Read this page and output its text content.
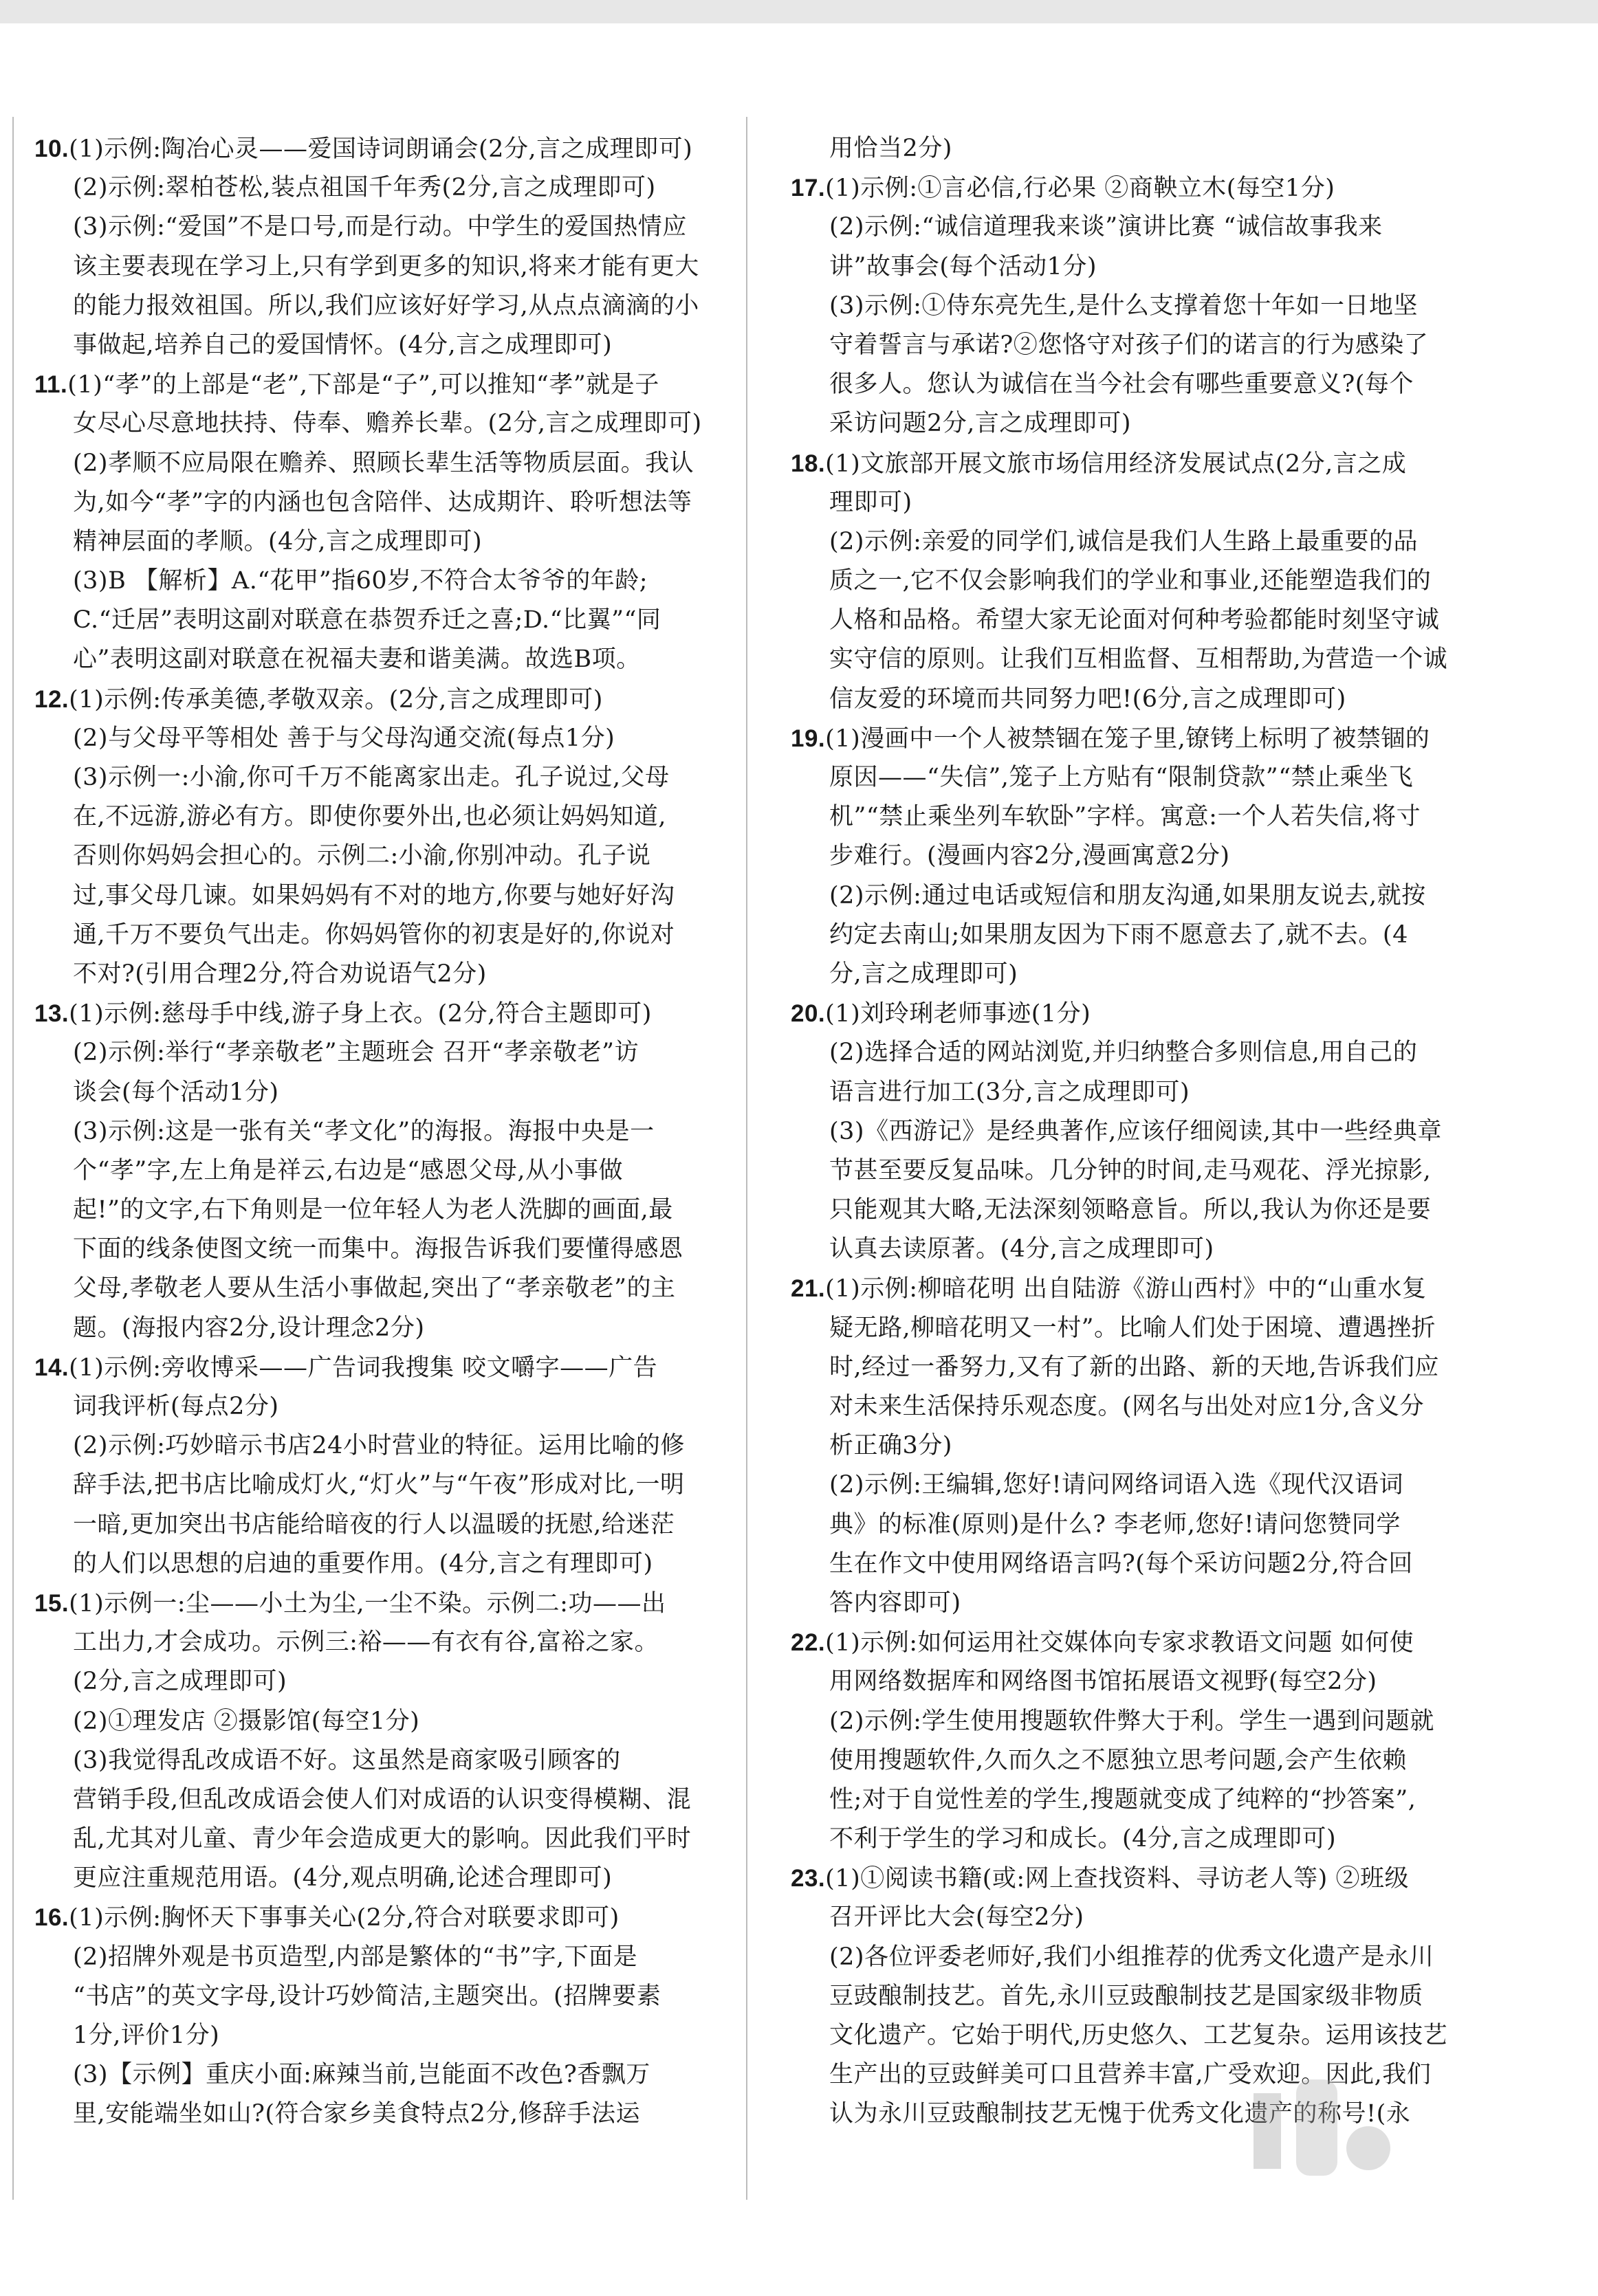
10.(1)示例:陶冶心灵——爱国诗词朗诵会(2分,言之成理即可)
(2)示例:翠柏苍松,装点祖国千年秀(2分,言之成理即可)
(3)示例:“爱国”不是口号,而是行动。中学生的爱国热情应
该主要表现在学习上,只有学到更多的知识,将来才能有更大
的能力报效祖国。所以,我们应该好好学习,从点点滴滴的小
事做起,培养自己的爱国情怀。(4分,言之成理即可)
11.(1)“孝”的上部是“老”,下部是“子”,可以推知“孝”就是子
女尽心尽意地扶持、侍奉、赡养长辈。(2分,言之成理即可)
(2)孝顺不应局限在赡养、照顾长辈生活等物质层面。我认
为,如今“孝”字的内涵也包含陪伴、达成期许、聆听想法等
精神层面的孝顺。(4分,言之成理即可)
(3)B 【解析】A.“花甲”指60岁,不符合太爷爷的年龄;
C.“迁居”表明这副对联意在恭贺乔迁之喜;D.“比翼”“同
心”表明这副对联意在祝福夫妻和谐美满。故选B项。
12.(1)示例:传承美德,孝敬双亲。(2分,言之成理即可)
(2)与父母平等相处 善于与父母沟通交流(每点1分)
(3)示例一:小渝,你可千万不能离家出走。孔子说过,父母
在,不远游,游必有方。即使你要外出,也必须让妈妈知道,
否则你妈妈会担心的。示例二:小渝,你别冲动。孔子说
过,事父母几谏。如果妈妈有不对的地方,你要与她好好沟
通,千万不要负气出走。你妈妈管你的初衷是好的,你说对
不对?(引用合理2分,符合劝说语气2分)
13.(1)示例:慈母手中线,游子身上衣。(2分,符合主题即可)
(2)示例:举行“孝亲敬老”主题班会 召开“孝亲敬老”访
谈会(每个活动1分)
(3)示例:这是一张有关“孝文化”的海报。海报中央是一
个“孝”字,左上角是祥云,右边是“感恩父母,从小事做
起!”的文字,右下角则是一位年轻人为老人洗脚的画面,最
下面的线条使图文统一而集中。海报告诉我们要懂得感恩
父母,孝敬老人要从生活小事做起,突出了“孝亲敬老”的主
题。(海报内容2分,设计理念2分)
14.(1)示例:旁收博采——广告词我搜集 咬文嚼字——广告
词我评析(每点2分)
(2)示例:巧妙暗示书店24小时营业的特征。运用比喻的修
辞手法,把书店比喻成灯火,“灯火”与“午夜”形成对比,一明
一暗,更加突出书店能给暗夜的行人以温暖的抚慰,给迷茫
的人们以思想的启迪的重要作用。(4分,言之有理即可)
15.(1)示例一:尘——小土为尘,一尘不染。示例二:功——出
工出力,才会成功。示例三:裕——有衣有谷,富裕之家。
(2分,言之成理即可)
(2)①理发店 ②摄影馆(每空1分)
(3)我觉得乱改成语不好。这虽然是商家吸引顾客的
营销手段,但乱改成语会使人们对成语的认识变得模糊、混
乱,尤其对儿童、青少年会造成更大的影响。因此我们平时
更应注重规范用语。(4分,观点明确,论述合理即可)
16.(1)示例:胸怀天下事事关心(2分,符合对联要求即可)
(2)招牌外观是书页造型,内部是繁体的“书”字,下面是
“书店”的英文字母,设计巧妙简洁,主题突出。(招牌要素
1分,评价1分)
(3)【示例】重庆小面:麻辣当前,岂能面不改色?香飘万
里,安能端坐如山?(符合家乡美食特点2分,修辞手法运
用恰当2分)
17.(1)示例:①言必信,行必果 ②商鞅立木(每空1分)
(2)示例:“诚信道理我来谈”演讲比赛 “诚信故事我来
讲”故事会(每个活动1分)
(3)示例:①侍东亮先生,是什么支撑着您十年如一日地坚
守着誓言与承诺?②您恪守对孩子们的诺言的行为感染了
很多人。您认为诚信在当今社会有哪些重要意义?(每个
采访问题2分,言之成理即可)
18.(1)文旅部开展文旅市场信用经济发展试点(2分,言之成
理即可)
(2)示例:亲爱的同学们,诚信是我们人生路上最重要的品
质之一,它不仅会影响我们的学业和事业,还能塑造我们的
人格和品格。希望大家无论面对何种考验都能时刻坚守诚
实守信的原则。让我们互相监督、互相帮助,为营造一个诚
信友爱的环境而共同努力吧!(6分,言之成理即可)
19.(1)漫画中一个人被禁锢在笼子里,镣铐上标明了被禁锢的
原因——“失信”,笼子上方贴有“限制贷款”“禁止乘坐飞
机”“禁止乘坐列车软卧”字样。寓意:一个人若失信,将寸
步难行。(漫画内容2分,漫画寓意2分)
(2)示例:通过电话或短信和朋友沟通,如果朋友说去,就按
约定去南山;如果朋友因为下雨不愿意去了,就不去。(4
分,言之成理即可)
20.(1)刘玲琍老师事迹(1分)
(2)选择合适的网站浏览,并归纳整合多则信息,用自己的
语言进行加工(3分,言之成理即可)
(3)《西游记》是经典著作,应该仔细阅读,其中一些经典章
节甚至要反复品味。几分钟的时间,走马观花、浮光掠影,
只能观其大略,无法深刻领略意旨。所以,我认为你还是要
认真去读原著。(4分,言之成理即可)
21.(1)示例:柳暗花明 出自陆游《游山西村》中的“山重水复
疑无路,柳暗花明又一村”。比喻人们处于困境、遭遇挫折
时,经过一番努力,又有了新的出路、新的天地,告诉我们应
对未来生活保持乐观态度。(网名与出处对应1分,含义分
析正确3分)
(2)示例:王编辑,您好!请问网络词语入选《现代汉语词
典》的标准(原则)是什么? 李老师,您好!请问您赞同学
生在作文中使用网络语言吗?(每个采访问题2分,符合回
答内容即可)
22.(1)示例:如何运用社交媒体向专家求教语文问题 如何使
用网络数据库和网络图书馆拓展语文视野(每空2分)
(2)示例:学生使用搜题软件弊大于利。学生一遇到问题就
使用搜题软件,久而久之不愿独立思考问题,会产生依赖
性;对于自觉性差的学生,搜题就变成了纯粹的“抄答案”,
不利于学生的学习和成长。(4分,言之成理即可)
23.(1)①阅读书籍(或:网上查找资料、寻访老人等) ②班级
召开评比大会(每空2分)
(2)各位评委老师好,我们小组推荐的优秀文化遗产是永川
豆豉酿制技艺。首先,永川豆豉酿制技艺是国家级非物质
文化遗产。它始于明代,历史悠久、工艺复杂。运用该技艺
生产出的豆豉鲜美可口且营养丰富,广受欢迎。因此,我们
认为永川豆豉酿制技艺无愧于优秀文化遗产的称号!(永
